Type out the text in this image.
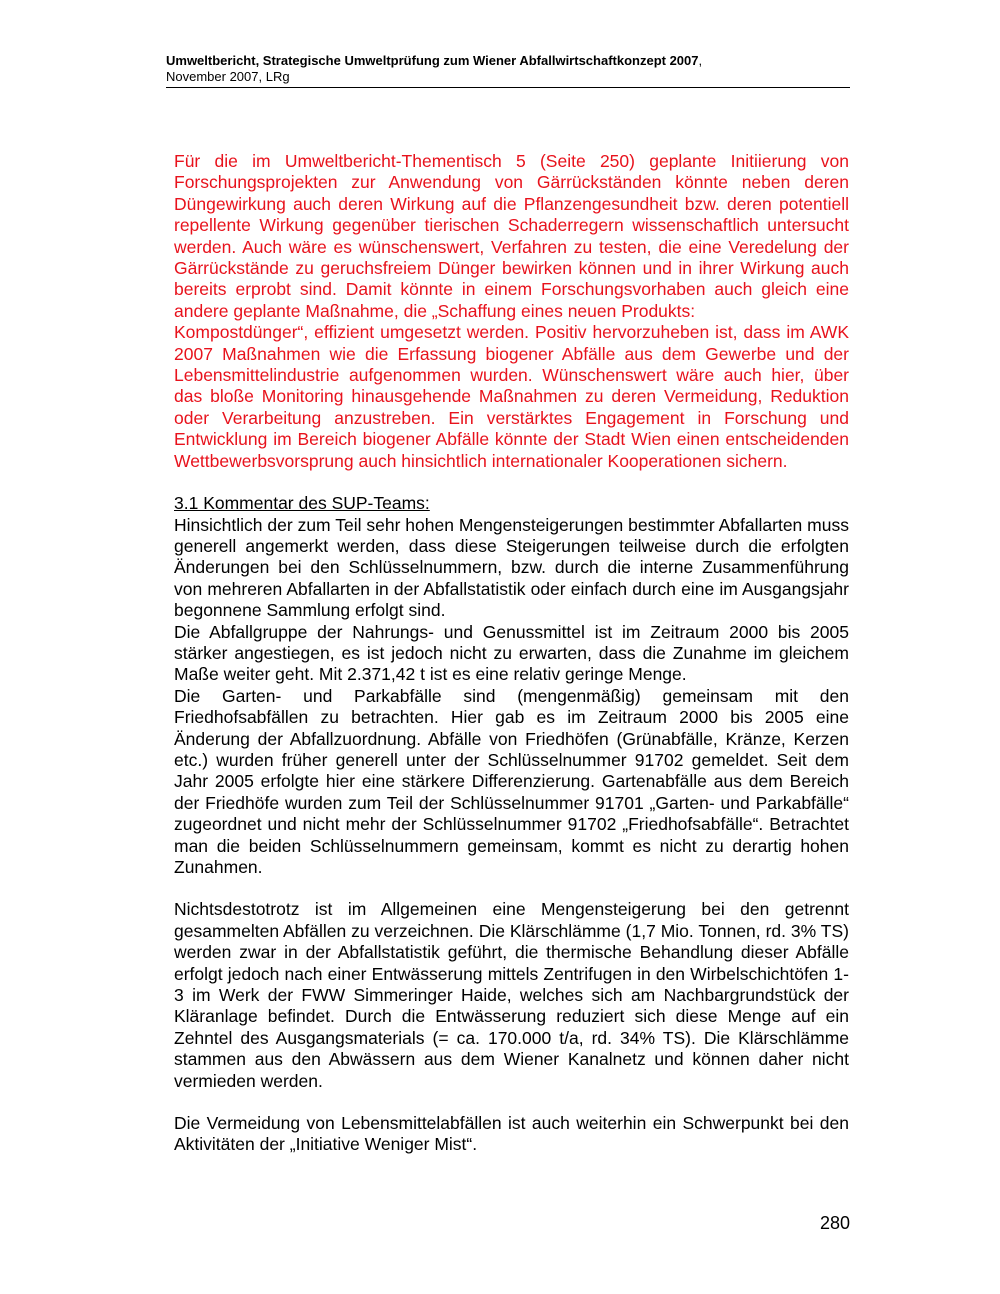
Umweltbericht, Strategische Umweltprüfung zum Wiener Abfallwirtschaftkonzept 2007,
November 2007, LRg

Für die im Umweltbericht-Thementisch 5 (Seite 250) geplante Initiierung von Forschungsprojekten zur Anwendung von Gärrückständen könnte neben deren Düngewirkung auch deren Wirkung auf die Pflanzengesundheit bzw. deren potentiell repellente Wirkung gegenüber tierischen Schaderregern wissenschaftlich untersucht werden. Auch wäre es wünschenswert, Verfahren zu testen, die eine Veredelung der Gärrückstände zu geruchsfreiem Dünger bewirken können und in ihrer Wirkung auch bereits erprobt sind. Damit könnte in einem Forschungsvorhaben auch gleich eine andere geplante Maßnahme, die „Schaffung eines neuen Produkts:

Kompostdünger“, effizient umgesetzt werden. Positiv hervorzuheben ist, dass im AWK 2007 Maßnahmen wie die Erfassung biogener Abfälle aus dem Gewerbe und der Lebensmittelindustrie aufgenommen wurden. Wünschenswert wäre auch hier, über das bloße Monitoring hinausgehende Maßnahmen zu deren Vermeidung, Reduktion oder Verarbeitung anzustreben. Ein verstärktes Engagement in Forschung und Entwicklung im Bereich biogener Abfälle könnte der Stadt Wien einen entscheidenden Wettbewerbsvorsprung auch hinsichtlich internationaler Kooperationen sichern.

3.1 Kommentar des SUP-Teams:

Hinsichtlich der zum Teil sehr hohen Mengensteigerungen bestimmter Abfallarten muss generell angemerkt werden, dass diese Steigerungen teilweise durch die erfolgten Änderungen bei den Schlüsselnummern, bzw. durch die interne Zusammenführung von mehreren Abfallarten in der Abfallstatistik oder einfach durch eine im Ausgangsjahr begonnene Sammlung erfolgt sind.

Die Abfallgruppe der Nahrungs- und Genussmittel ist im Zeitraum 2000 bis 2005 stärker angestiegen, es ist jedoch nicht zu erwarten, dass die Zunahme im gleichem Maße weiter geht. Mit 2.371,42 t ist es eine relativ geringe Menge.

Die Garten- und Parkabfälle sind (mengenmäßig) gemeinsam mit den Friedhofsabfällen zu betrachten. Hier gab es im Zeitraum 2000 bis 2005 eine Änderung der Abfallzuordnung. Abfälle von Friedhöfen (Grünabfälle, Kränze, Kerzen etc.) wurden früher generell unter der Schlüsselnummer 91702 gemeldet. Seit dem Jahr 2005 erfolgte hier eine stärkere Differenzierung. Gartenabfälle aus dem Bereich der Friedhöfe wurden zum Teil der Schlüsselnummer 91701 „Garten- und Parkabfälle“ zugeordnet und nicht mehr der Schlüsselnummer 91702 „Friedhofsabfälle“. Betrachtet man die beiden Schlüsselnummern gemeinsam, kommt es nicht zu derartig hohen Zunahmen.

Nichtsdestotrotz ist im Allgemeinen eine Mengensteigerung bei den getrennt gesammelten Abfällen zu verzeichnen. Die Klärschlämme (1,7 Mio. Tonnen, rd. 3% TS) werden zwar in der Abfallstatistik geführt, die thermische Behandlung dieser Abfälle erfolgt jedoch nach einer Entwässerung mittels Zentrifugen in den Wirbelschichtöfen 1-3 im Werk der FWW Simmeringer Haide, welches sich am Nachbargrundstück der Kläranlage befindet. Durch die Entwässerung reduziert sich diese Menge auf ein Zehntel des Ausgangsmaterials (= ca. 170.000 t/a, rd. 34% TS). Die Klärschlämme stammen aus den Abwässern aus dem Wiener Kanalnetz und können daher nicht vermieden werden.

Die Vermeidung von Lebensmittelabfällen ist auch weiterhin ein Schwerpunkt bei den Aktivitäten der „Initiative Weniger Mist“.

280
